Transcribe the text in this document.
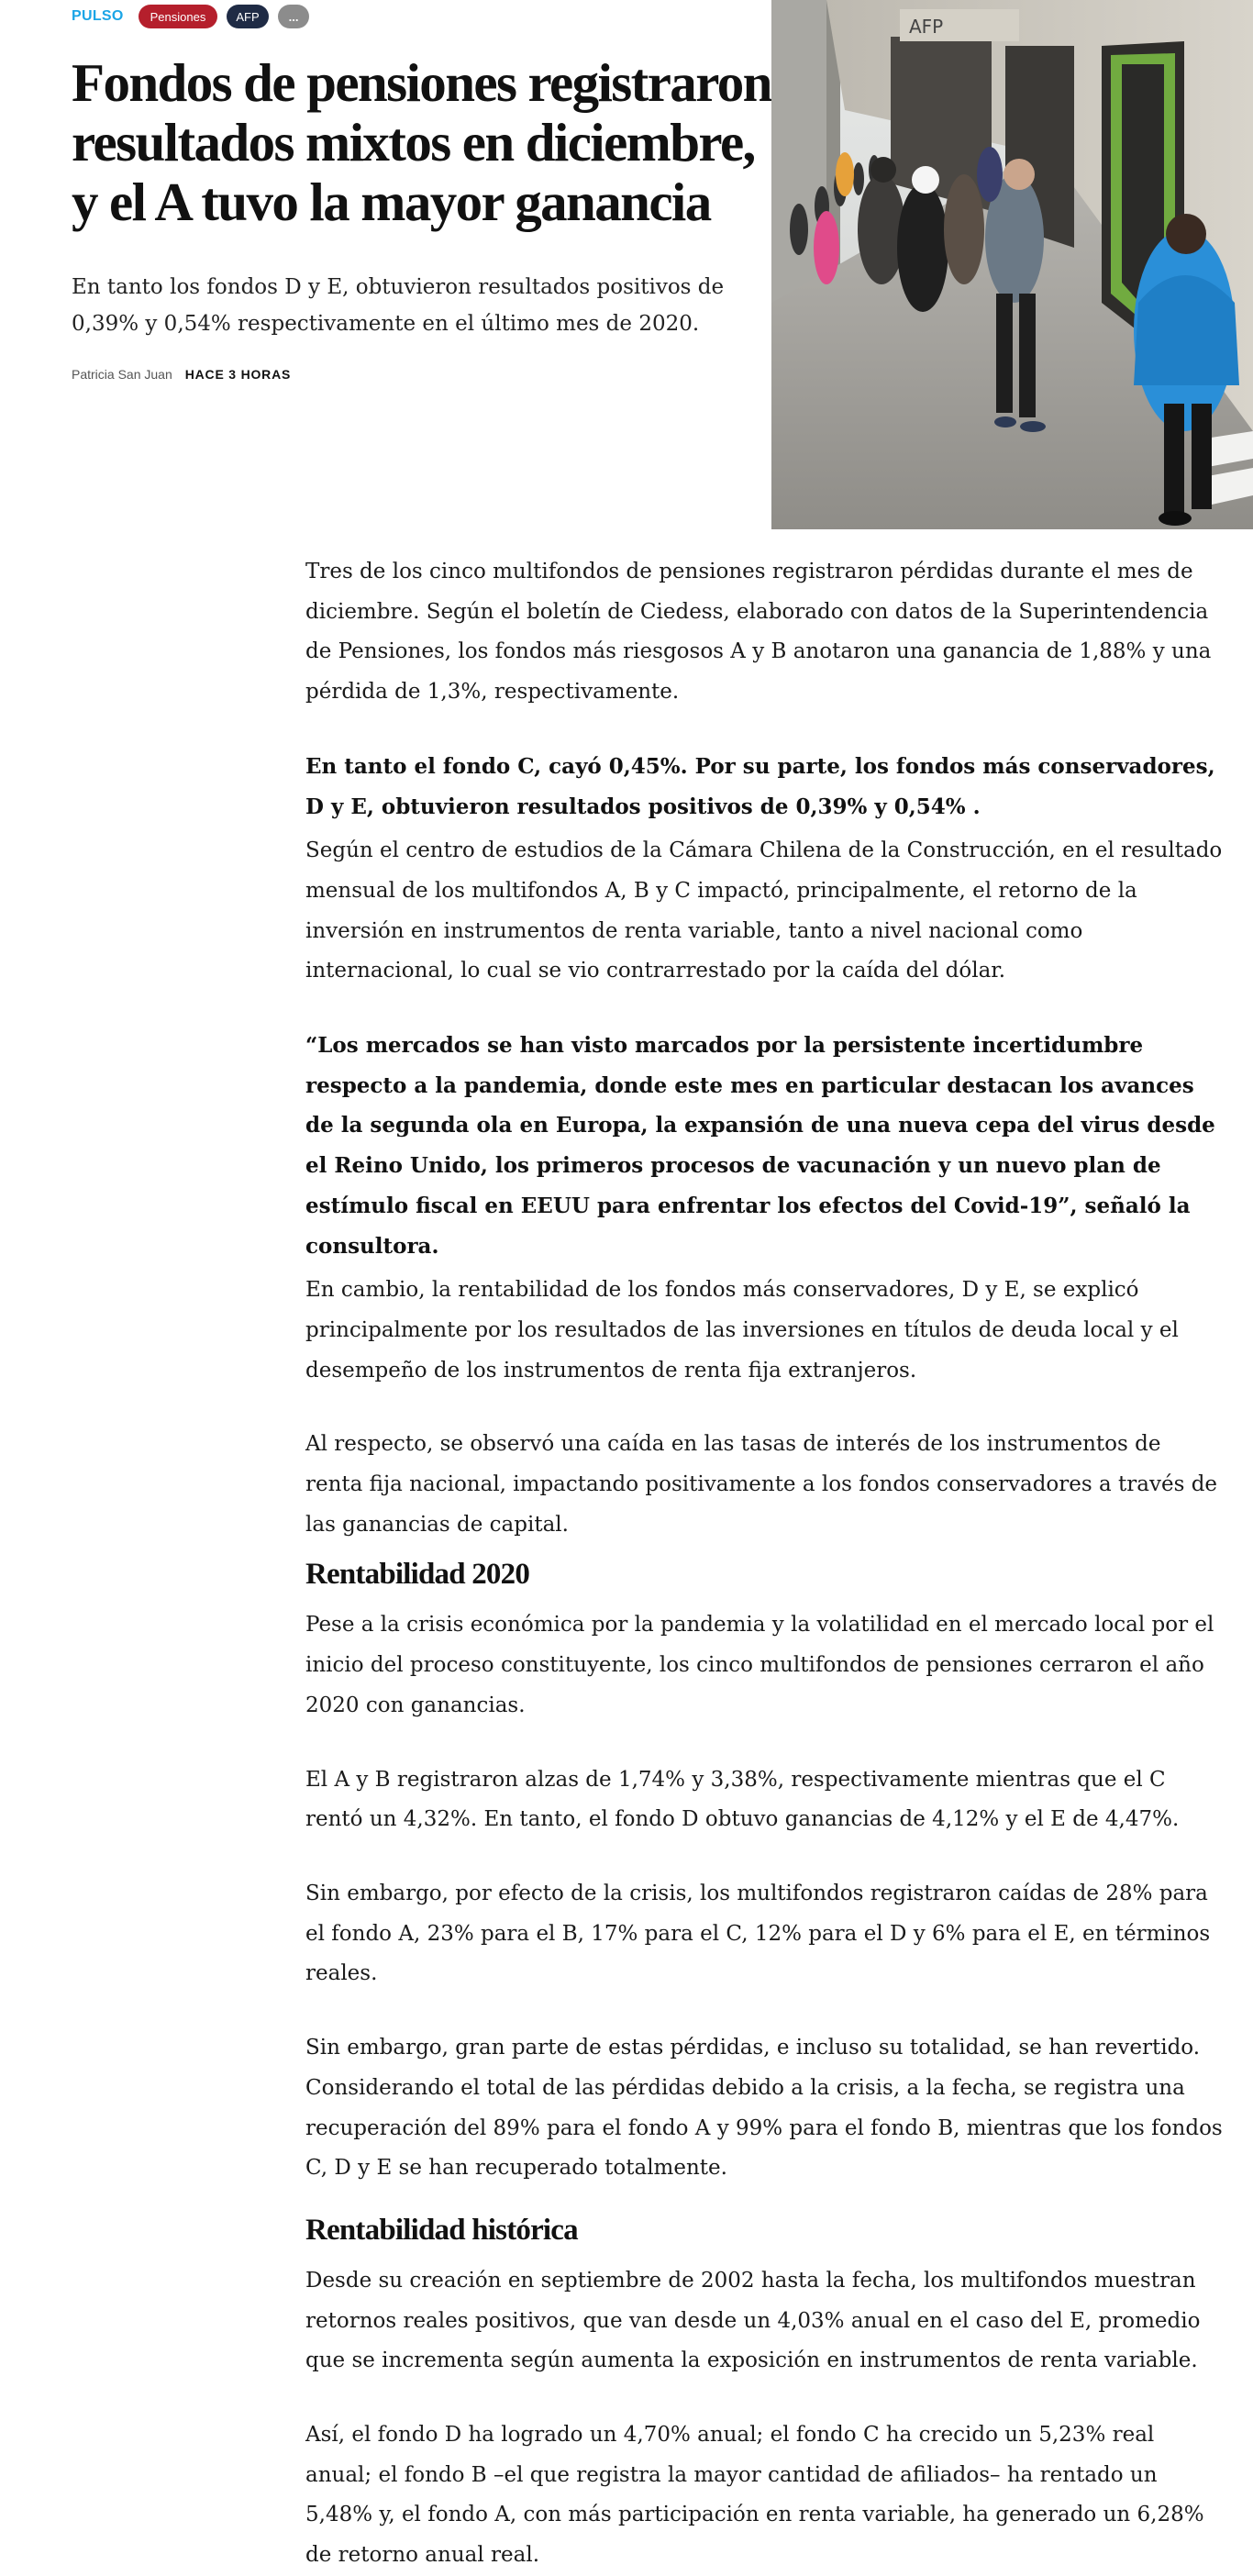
PULSO	Pensiones	AFP	...
Fondos de pensiones registraron resultados mixtos en diciembre, y el A tuvo la mayor ganancia

En tanto los fondos D y E, obtuvieron resultados positivos de 0,39% y 0,54% respectivamente en el último mes de 2020.

Patricia San Juan HACE 3 HORAS
AFP

Tres de los cinco multifondos de pensiones registraron pérdidas durante el mes de diciembre. Según el boletín de Ciedess, elaborado con datos de la Superintendencia de Pensiones, los fondos más riesgosos A y B anotaron una ganancia de 1,88% y una pérdida de 1,3%, respectivamente.

En tanto el fondo C, cayó 0,45%. Por su parte, los fondos más conservadores, D y E, obtuvieron resultados positivos de 0,39% y 0,54% .

Según el centro de estudios de la Cámara Chilena de la Construcción, en el resultado mensual de los multifondos A, B y C impactó, principalmente, el retorno de la inversión en instrumentos de renta variable, tanto a nivel nacional como internacional, lo cual se vio contrarrestado por la caída del dólar.

“Los mercados se han visto marcados por la persistente incertidumbre respecto a la pandemia, donde este mes en particular destacan los avances de la segunda ola en Europa, la expansión de una nueva cepa del virus desde el Reino Unido, los primeros procesos de vacunación y un nuevo plan de estímulo fiscal en EEUU para enfrentar los efectos del Covid-19”, señaló la consultora.

En cambio, la rentabilidad de los fondos más conservadores, D y E, se explicó principalmente por los resultados de las inversiones en títulos de deuda local y el desempeño de los instrumentos de renta fija extranjeros.

Al respecto, se observó una caída en las tasas de interés de los instrumentos de renta fija nacional, impactando positivamente a los fondos conservadores a través de las ganancias de capital.

Rentabilidad 2020

Pese a la crisis económica por la pandemia y la volatilidad en el mercado local por el inicio del proceso constituyente, los cinco multifondos de pensiones cerraron el año 2020 con ganancias.

El A y B registraron alzas de 1,74% y 3,38%, respectivamente mientras que el C rentó un 4,32%. En tanto, el fondo D obtuvo ganancias de 4,12% y el E de 4,47%.

Sin embargo, por efecto de la crisis, los multifondos registraron caídas de 28% para el fondo A, 23% para el B, 17% para el C, 12% para el D y 6% para el E, en términos reales.

Sin embargo, gran parte de estas pérdidas, e incluso su totalidad, se han revertido. Considerando el total de las pérdidas debido a la crisis, a la fecha, se registra una recuperación del 89% para el fondo A y 99% para el fondo B, mientras que los fondos C, D y E se han recuperado totalmente.

Rentabilidad histórica

Desde su creación en septiembre de 2002 hasta la fecha, los multifondos muestran retornos reales positivos, que van desde un 4,03% anual en el caso del E, promedio que se incrementa según aumenta la exposición en instrumentos de renta variable.

Así, el fondo D ha logrado un 4,70% anual; el fondo C ha crecido un 5,23% real anual; el fondo B –el que registra la mayor cantidad de afiliados– ha rentado un 5,48% y, el fondo A, con más participación en renta variable, ha generado un 6,28% de retorno anual real.
